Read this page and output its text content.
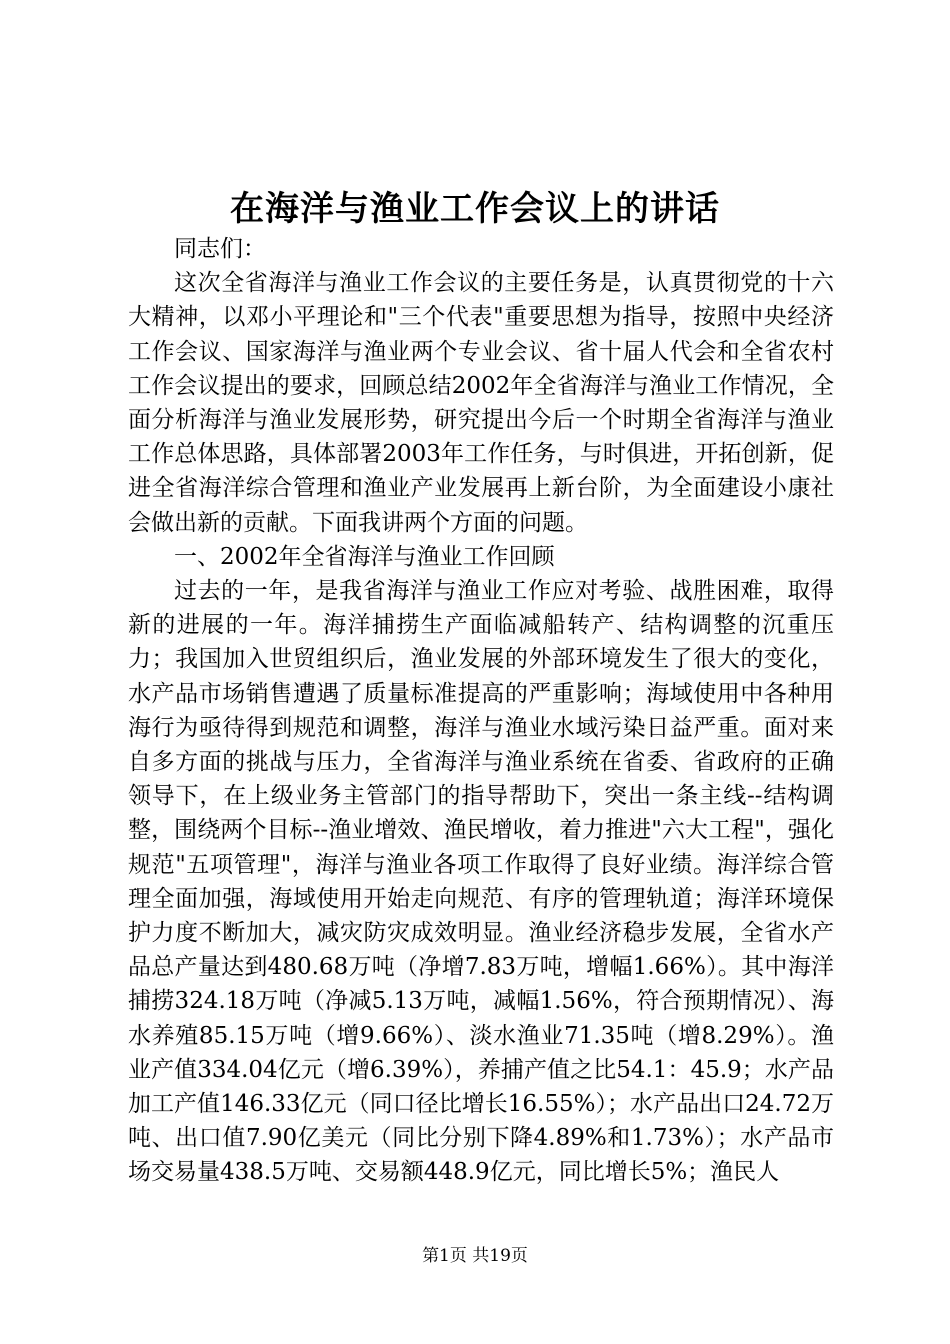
在海洋与渔业工作会议上的讲话

同志们：

这次全省海洋与渔业工作会议的主要任务是，认真贯彻党的十六大精神，以邓小平理论和"三个代表"重要思想为指导，按照中央经济工作会议、国家海洋与渔业两个专业会议、省十届人代会和全省农村工作会议提出的要求，回顾总结2002年全省海洋与渔业工作情况，全面分析海洋与渔业发展形势，研究提出今后一个时期全省海洋与渔业工作总体思路，具体部署2003年工作任务，与时俱进，开拓创新，促进全省海洋综合管理和渔业产业发展再上新台阶，为全面建设小康社会做出新的贡献。下面我讲两个方面的问题。

一、2002年全省海洋与渔业工作回顾

过去的一年，是我省海洋与渔业工作应对考验、战胜困难，取得新的进展的一年。海洋捕捞生产面临减船转产、结构调整的沉重压力；我国加入世贸组织后，渔业发展的外部环境发生了很大的变化，水产品市场销售遭遇了质量标准提高的严重影响；海域使用中各种用海行为亟待得到规范和调整，海洋与渔业水域污染日益严重。面对来自多方面的挑战与压力，全省海洋与渔业系统在省委、省政府的正确领导下，在上级业务主管部门的指导帮助下，突出一条主线--结构调整，围绕两个目标--渔业增效、渔民增收，着力推进"六大工程"，强化规范"五项管理"，海洋与渔业各项工作取得了良好业绩。海洋综合管理全面加强，海域使用开始走向规范、有序的管理轨道；海洋环境保护力度不断加大，减灾防灾成效明显。渔业经济稳步发展，全省水产品总产量达到480.68万吨（净增7.83万吨，增幅1.66%）。其中海洋捕捞324.18万吨（净减5.13万吨，减幅1.56%，符合预期情况）、海水养殖85.15万吨（增9.66%）、淡水渔业71.35吨（增8.29%）。渔业产值334.04亿元（增6.39%），养捕产值之比54.1：45.9；水产品加工产值146.33亿元（同口径比增长16.55%）；水产品出口24.72万吨、出口值7.90亿美元（同比分别下降4.89%和1.73%）；水产品市场交易量438.5万吨、交易额448.9亿元，同比增长5%；渔民人

第1页 共19页
